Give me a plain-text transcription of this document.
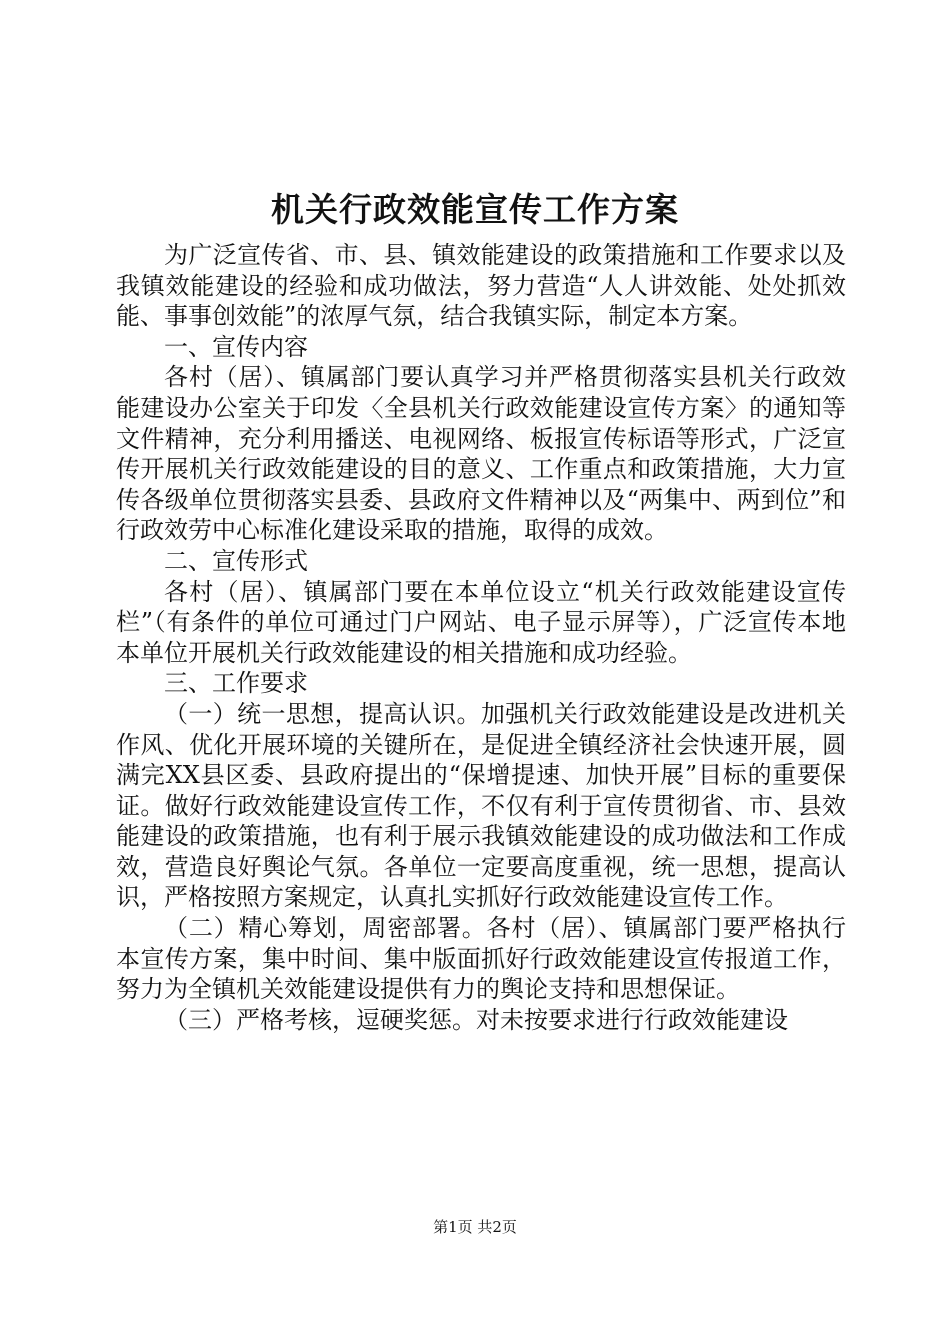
机关行政效能宣传工作方案

为广泛宣传省、市、县、镇效能建设的政策措施和工作要求以及我镇效能建设的经验和成功做法，努力营造“人人讲效能、处处抓效能、事事创效能”的浓厚气氛，结合我镇实际，制定本方案。

一、宣传内容

各村（居）、镇属部门要认真学习并严格贯彻落实县机关行政效能建设办公室关于印发〈全县机关行政效能建设宣传方案〉的通知等文件精神，充分利用播送、电视网络、板报宣传标语等形式，广泛宣传开展机关行政效能建设的目的意义、工作重点和政策措施，大力宣传各级单位贯彻落实县委、县政府文件精神以及“两集中、两到位”和行政效劳中心标准化建设采取的措施，取得的成效。

二、宣传形式

各村（居）、镇属部门要在本单位设立“机关行政效能建设宣传栏”（有条件的单位可通过门户网站、电子显示屏等），广泛宣传本地本单位开展机关行政效能建设的相关措施和成功经验。

三、工作要求

（一）统一思想，提高认识。加强机关行政效能建设是改进机关作风、优化开展环境的关键所在，是促进全镇经济社会快速开展，圆满完XX县区委、县政府提出的“保增提速、加快开展”目标的重要保证。做好行政效能建设宣传工作，不仅有利于宣传贯彻省、市、县效能建设的政策措施，也有利于展示我镇效能建设的成功做法和工作成效，营造良好舆论气氛。各单位一定要高度重视，统一思想，提高认识，严格按照方案规定，认真扎实抓好行政效能建设宣传工作。

（二）精心筹划，周密部署。各村（居）、镇属部门要严格执行本宣传方案，集中时间、集中版面抓好行政效能建设宣传报道工作，努力为全镇机关效能建设提供有力的舆论支持和思想保证。

（三）严格考核，逗硬奖惩。对未按要求进行行政效能建设

第1页 共2页
